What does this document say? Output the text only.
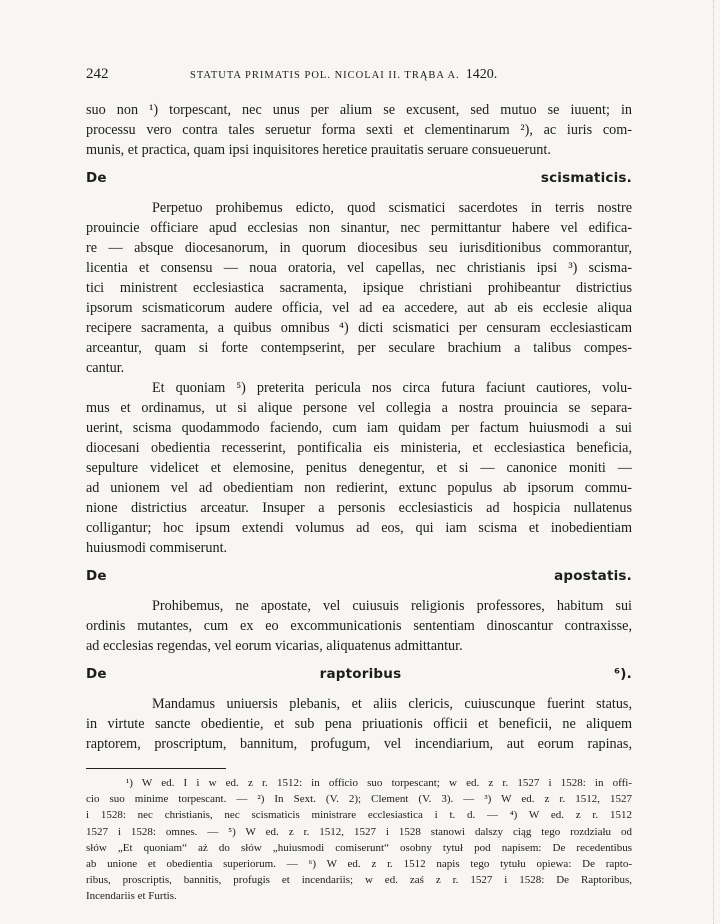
242	STATUTA PRIMATIS POL. NICOLAI II. TRĄBA A. 1420.
suo non ¹) torpescant, nec unus per alium se excusent, sed mutuo se iuuent; in
processu vero contra tales seruetur forma sexti et clementinarum ²), ac iuris com-
munis, et practica, quam ipsi inquisitores heretice prauitatis seruare consueuerunt.
De scismaticis.
Perpetuo prohibemus edicto, quod scismatici sacerdotes in terris nostre
prouincie officiare apud ecclesias non sinantur, nec permittantur habere vel edifica-
re — absque diocesanorum, in quorum diocesibus seu iurisditionibus commorantur,
licentia et consensu — noua oratoria, vel capellas, nec christianis ipsi ³) scisma-
tici ministrent ecclesiastica sacramenta, ipsique christiani prohibeantur districtius
ipsorum scismaticorum audere officia, vel ad ea accedere, aut ab eis ecclesie aliqua
recipere sacramenta, a quibus omnibus ⁴) dicti scismatici per censuram ecclesiasticam
arceantur, quam si forte contempserint, per seculare brachium a talibus compes-
cantur.
Et quoniam ⁵) preterita pericula nos circa futura faciunt cautiores, volu-
mus et ordinamus, ut si alique persone vel collegia a nostra prouincia se separa-
uerint, scisma quodammodo faciendo, cum iam quidam per factum huiusmodi a sui
diocesani obedientia recesserint, pontificalia eis ministeria, et ecclesiastica beneficia,
sepulture videlicet et elemosine, penitus denegentur, et si — canonice moniti —
ad unionem vel ad obedientiam non redierint, extunc populus ab ipsorum commu-
nione districtius arceatur. Insuper a personis ecclesiasticis ad hospicia nullatenus
colligantur; hoc ipsum extendi volumus ad eos, qui iam scisma et inobedientiam
huiusmodi commiserunt.
De apostatis.
Prohibemus, ne apostate, vel cuiusuis religionis professores, habitum sui
ordinis mutantes, cum ex eo excommunicationis sententiam dinoscantur contraxisse,
ad ecclesias regendas, vel eorum vicarias, aliquatenus admittantur.
De raptoribus ⁶).
Mandamus uniuersis plebanis, et aliis clericis, cuiuscunque fuerint status,
in virtute sancte obedientie, et sub pena priuationis officii et beneficii, ne aliquem
raptorem, proscriptum, bannitum, profugum, vel incendiarium, aut eorum rapinas,
¹) W ed. I i w ed. z r. 1512: in officio suo torpescant; w ed. z r. 1527 i 1528: in offi-
cio suo minime torpescant. — ²) In Sext. (V. 2); Clement (V. 3). — ³) W ed. z r. 1512, 1527
i 1528: nec christianis, nec scismaticis ministrare ecclesiastica i t. d. — ⁴) W ed. z r. 1512
1527 i 1528: omnes. — ⁵) W ed. z r. 1512, 1527 i 1528 stanowi dalszy ciąg tego rozdziału od
słów „Et quoniam“ aż do słów „huiusmodi comiserunt“ osobny tytuł pod napisem: De recedentibus
ab unione et obedientia superiorum. — ⁶) W ed. z r. 1512 napis tego tytułu opiewa: De rapto-
ribus, proscriptis, bannitis, profugis et incendariis; w ed. zaś z r. 1527 i 1528: De Raptoribus,
Incendariis et Furtis.
